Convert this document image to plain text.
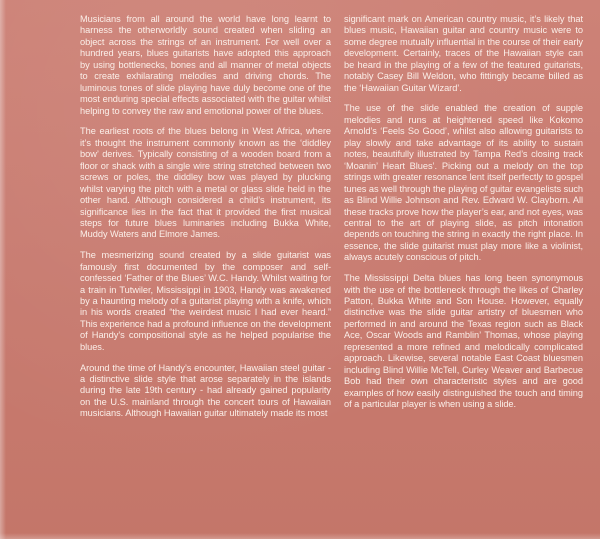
Musicians from all around the world have long learnt to harness the otherworldly sound created when sliding an object across the strings of an instrument. For well over a hundred years, blues guitarists have adopted this approach by using bottlenecks, bones and all manner of metal objects to create exhilarating melodies and driving chords. The luminous tones of slide playing have duly become one of the most enduring special effects associated with the guitar whilst helping to convey the raw and emotional power of the blues.

The earliest roots of the blues belong in West Africa, where it’s thought the instrument commonly known as the ‘diddley bow’ derives. Typically consisting of a wooden board from a floor or shack with a single wire string stretched between two screws or poles, the diddley bow was played by plucking whilst varying the pitch with a metal or glass slide held in the other hand. Although considered a child’s instrument, its significance lies in the fact that it provided the first musical steps for future blues luminaries including Bukka White, Muddy Waters and Elmore James.

The mesmerizing sound created by a slide guitarist was famously first documented by the composer and self-confessed ‘Father of the Blues’ W.C. Handy. Whilst waiting for a train in Tutwiler, Mississippi in 1903, Handy was awakened by a haunting melody of a guitarist playing with a knife, which in his words created “the weirdest music I had ever heard.” This experience had a profound influence on the development of Handy’s compositional style as he helped popularise the blues.

Around the time of Handy’s encounter, Hawaiian steel guitar - a distinctive slide style that arose separately in the islands during the late 19th century - had already gained popularity on the U.S. mainland through the concert tours of Hawaiian musicians. Although Hawaiian guitar ultimately made its most

significant mark on American country music, it’s likely that blues music, Hawaiian guitar and country music were to some degree mutually influential in the course of their early development. Certainly, traces of the Hawaiian style can be heard in the playing of a few of the featured guitarists, notably Casey Bill Weldon, who fittingly became billed as the ‘Hawaiian Guitar Wizard’.

The use of the slide enabled the creation of supple melodies and runs at heightened speed like Kokomo Arnold’s ‘Feels So Good’, whilst also allowing guitarists to play slowly and take advantage of its ability to sustain notes, beautifully illustrated by Tampa Red’s closing track ‘Moanin’ Heart Blues’. Picking out a melody on the top strings with greater resonance lent itself perfectly to gospel tunes as well through the playing of guitar evangelists such as Blind Willie Johnson and Rev. Edward W. Clayborn. All these tracks prove how the player’s ear, and not eyes, was central to the art of playing slide, as pitch intonation depends on touching the string in exactly the right place. In essence, the slide guitarist must play more like a violinist, always acutely conscious of pitch.

The Mississippi Delta blues has long been synonymous with the use of the bottleneck through the likes of Charley Patton, Bukka White and Son House. However, equally distinctive was the slide guitar artistry of bluesmen who performed in and around the Texas region such as Black Ace, Oscar Woods and Ramblin’ Thomas, whose playing represented a more refined and melodically complicated approach. Likewise, several notable East Coast bluesmen including Blind Willie McTell, Curley Weaver and Barbecue Bob had their own characteristic styles and are good examples of how easily distinguished the touch and timing of a particular player is when using a slide.
